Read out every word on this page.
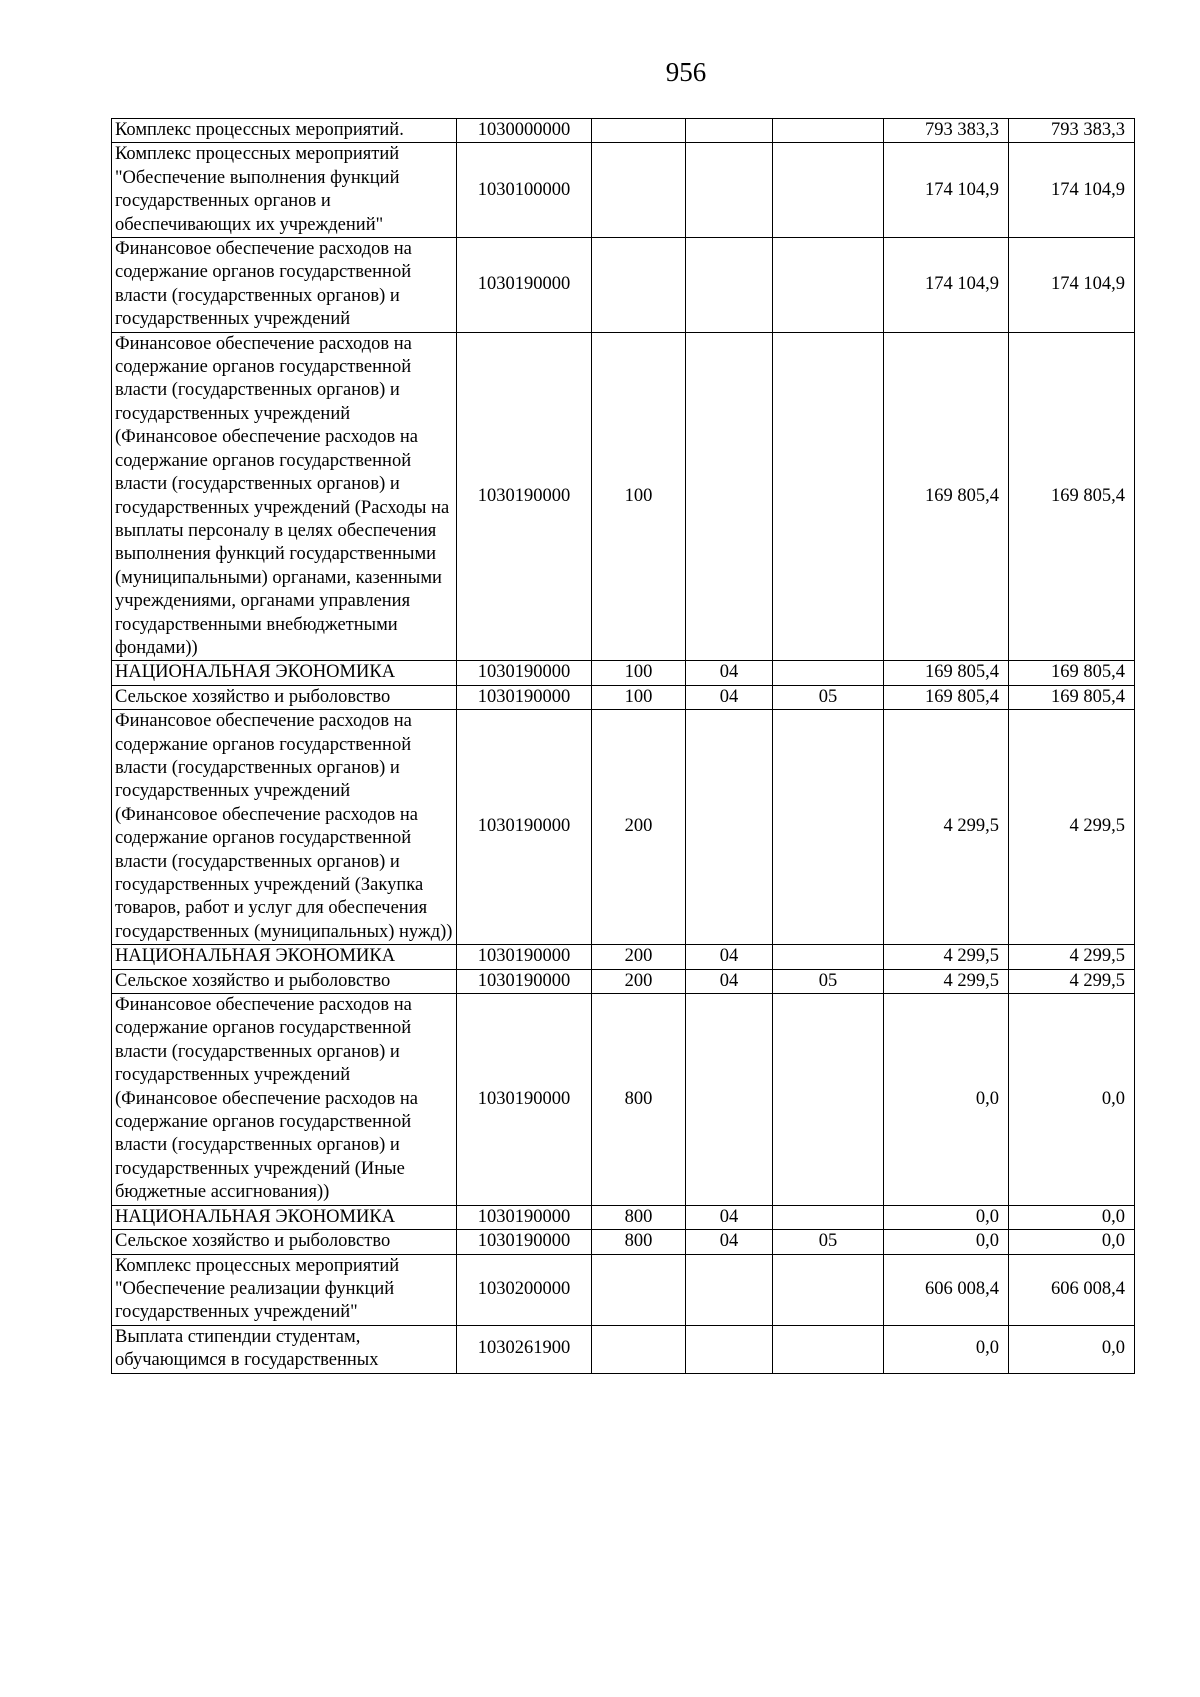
956
Комплекс процессных мероприятий.	1030000000				793 383,3	793 383,3
Комплекс процессных мероприятий "Обеспечение выполнения функций государственных органов и обеспечивающих их учреждений"	1030100000				174 104,9	174 104,9
Финансовое обеспечение расходов на содержание органов государственной власти (государственных органов) и государственных учреждений	1030190000				174 104,9	174 104,9
Финансовое обеспечение расходов на содержание органов государственной власти (государственных органов) и государственных учреждений (Финансовое обеспечение расходов на содержание органов государственной власти (государственных органов) и государственных учреждений (Расходы на выплаты персоналу в целях обеспечения выполнения функций государственными (муниципальными) органами, казенными учреждениями, органами управления государственными внебюджетными фондами))	1030190000	100			169 805,4	169 805,4
НАЦИОНАЛЬНАЯ ЭКОНОМИКА	1030190000	100	04		169 805,4	169 805,4
Сельское хозяйство и рыболовство	1030190000	100	04	05	169 805,4	169 805,4
Финансовое обеспечение расходов на содержание органов государственной власти (государственных органов) и государственных учреждений (Финансовое обеспечение расходов на содержание органов государственной власти (государственных органов) и государственных учреждений (Закупка товаров, работ и услуг для обеспечения государственных (муниципальных) нужд))	1030190000	200			4 299,5	4 299,5
НАЦИОНАЛЬНАЯ ЭКОНОМИКА	1030190000	200	04		4 299,5	4 299,5
Сельское хозяйство и рыболовство	1030190000	200	04	05	4 299,5	4 299,5
Финансовое обеспечение расходов на содержание органов государственной власти (государственных органов) и государственных учреждений (Финансовое обеспечение расходов на содержание органов государственной власти (государственных органов) и государственных учреждений (Иные бюджетные ассигнования))	1030190000	800			0,0	0,0
НАЦИОНАЛЬНАЯ ЭКОНОМИКА	1030190000	800	04		0,0	0,0
Сельское хозяйство и рыболовство	1030190000	800	04	05	0,0	0,0
Комплекс процессных мероприятий "Обеспечение реализации функций государственных учреждений"	1030200000				606 008,4	606 008,4
Выплата стипендии студентам, обучающимся в государственных	1030261900				0,0	0,0
